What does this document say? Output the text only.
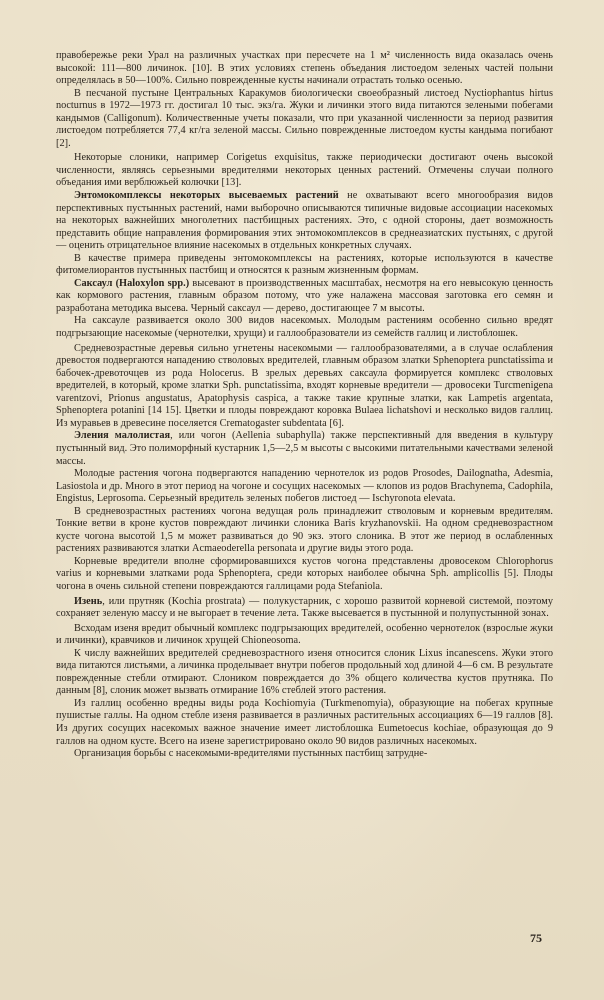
правобережье реки Урал на различных участках при пересчете на 1 м² численность вида оказалась очень высокой: 111—800 личинок. [10]. В этих условиях степень объедания листоедом зеленых частей полыни определялась в 50—100%. Сильно поврежденные кусты начинали отрастать только осенью.

В песчаной пустыне Центральных Каракумов биологически своеобразный листоед Nyctiophantus hirtus nocturnus в 1972—1973 гг. достигал 10 тыс. экз/га. Жуки и личинки этого вида питаются зелеными побегами кандымов (Calligonum). Количественные учеты показали, что при указанной численности за период развития листоедом потребляется 77,4 кг/га зеленой массы. Сильно поврежденные листоедом кусты кандыма погибают [2].

Некоторые слоники, например Corigetus exquisitus, также периодически достигают очень высокой численности, являясь серьезными вредителями некоторых ценных растений. Отмечены случаи полного объедания ими верблюжьей колючки [13].

Энтомокомплексы некоторых высеваемых растений не охватывают всего многообразия видов перспективных пустынных растений, нами выборочно описываются типичные видовые ассоциации насекомых на некоторых важнейших многолетних пастбищных растениях. Это, с одной стороны, дает возможность представить общие направления формирования этих энтомокомплексов в среднеазиатских пустынях, с другой — оценить отрицательное влияние насекомых в отдельных конкретных случаях.

В качестве примера приведены энтомокомплексы на растениях, которые используются в качестве фитомелиорантов пустынных пастбищ и относятся к разным жизненным формам.

Саксаул (Haloxylon spp.) высевают в производственных масштабах, несмотря на его невысокую ценность как кормового растения, главным образом потому, что уже налажена массовая заготовка его семян и разработана методика высева. Черный саксаул — дерево, достигающее 7 м высоты.

На саксауле развивается около 300 видов насекомых. Молодым растениям особенно сильно вредят подгрызающие насекомые (чернотелки, хрущи) и галлообразователи из семейств галлиц и листоблошек.

Средневозрастные деревья сильно угнетены насекомыми — галлообразователями, а в случае ослабления древостоя подвергаются нападению стволовых вредителей, главным образом златки Sphenoptera punctatissima и бабочек-древоточцев из рода Holocerus. В зрелых деревьях саксаула формируется комплекс стволовых вредителей, в который, кроме златки Sph. punctatissima, входят корневые вредители — дровосеки Turcmenigena varentzovi, Prionus angustatus, Apatophysis caspica, а также такие крупные златки, как Lampetis argentata, Sphenoptera potanini [14 15]. Цветки и плоды повреждают коровка Bulaea lichatshovi и несколько видов галлиц. Из муравьев в древесине поселяется Crematogaster subdentata [6].

Эления малолистая, или чогон (Aellenia subaphylla) также перспективный для введения в культуру пустынный вид. Это полиморфный кустарник 1,5—2,5 м высоты с высокими питательными качествами зеленой массы.

Молодые растения чогона подвергаются нападению чернотелок из родов Prosodes, Dailognatha, Adesmia, Lasiostola и др. Много в этот период на чогоне и сосущих насекомых — клопов из родов Brachynema, Cadophila, Engistus, Leprosoma. Серьезный вредитель зеленых побегов листоед — Ischyronota elevata.

В средневозрастных растениях чогона ведущая роль принадлежит стволовым и корневым вредителям. Тонкие ветви в кроне кустов повреждают личинки слоника Baris kryzhanovskii. На одном средневозрастном кусте чогона высотой 1,5 м может развиваться до 90 экз. этого слоника. В этот же период в ослабленных растениях развиваются златки Acmaeoderella personata и другие виды этого рода.

Корневые вредители вполне сформировавшихся кустов чогона представлены дровосеком Chlorophorus varius и корневыми златками рода Sphenoptera, среди которых наиболее обычна Sph. amplicollis [5]. Плоды чогона в очень сильной степени повреждаются галлицами рода Stefaniola.

Изень, или прутняк (Kochia prostrata) — полукустарник, с хорошо развитой корневой системой, поэтому сохраняет зеленую массу и не выгорает в течение лета. Также высевается в пустынной и полупустынной зонах.

Всходам изеня вредит обычный комплекс подгрызающих вредителей, особенно чернотелок (взрослые жуки и личинки), кравчиков и личинок хрущей Chioneosoma.

К числу важнейших вредителей средневозрастного изеня относится слоник Lixus incanescens. Жуки этого вида питаются листьями, а личинка проделывает внутри побегов продольный ход длиной 4—6 см. В результате поврежденные стебли отмирают. Слоником повреждается до 3% общего количества кустов прутняка. По данным [8], слоник может вызвать отмирание 16% стеблей этого растения.

Из галлиц особенно вредны виды рода Kochiomyia (Turkmenomyia), образующие на побегах крупные пушистые галлы. На одном стебле изеня развивается в различных растительных ассоциациях 6—19 галлов [8]. Из других сосущих насекомых важное значение имеет листоблошка Eumetoecus kochiae, образующая до 9 галлов на одном кусте. Всего на изене зарегистрировано около 90 видов различных насекомых.

Организация борьбы с насекомыми-вредителями пустынных пастбищ затрудне-

75
